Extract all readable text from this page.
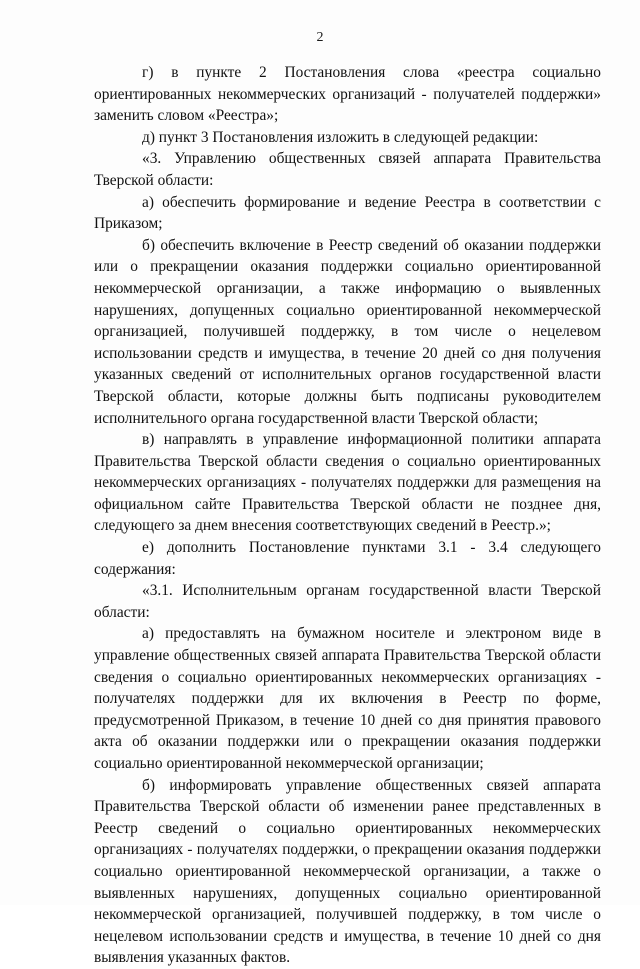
2

г) в пункте 2 Постановления слова «реестра социально ориентированных некоммерческих организаций - получателей поддержки» заменить словом «Реестра»;

д) пункт 3 Постановления изложить в следующей редакции:

«3. Управлению общественных связей аппарата Правительства Тверской области:

а) обеспечить формирование и ведение Реестра в соответствии с Приказом;

б) обеспечить включение в Реестр сведений об оказании поддержки или о прекращении оказания поддержки социально ориентированной некоммерческой организации, а также информацию о выявленных нарушениях, допущенных социально ориентированной некоммерческой организацией, получившей поддержку, в том числе о нецелевом использовании средств и имущества, в течение 20 дней со дня получения указанных сведений от исполнительных органов государственной власти Тверской области, которые должны быть подписаны руководителем исполнительного органа государственной власти Тверской области;

в) направлять в управление информационной политики аппарата Правительства Тверской области сведения о социально ориентированных некоммерческих организациях - получателях поддержки для размещения на официальном сайте Правительства Тверской области не позднее дня, следующего за днем внесения соответствующих сведений в Реестр.»;

е) дополнить Постановление пунктами 3.1 - 3.4 следующего содержания:

«3.1. Исполнительным органам государственной власти Тверской области:

а) предоставлять на бумажном носителе и электроном виде в управление общественных связей аппарата Правительства Тверской области сведения о социально ориентированных некоммерческих организациях - получателях поддержки для их включения в Реестр по форме, предусмотренной Приказом, в течение 10 дней со дня принятия правового акта об оказании поддержки или о прекращении оказания поддержки социально ориентированной некоммерческой организации;

б) информировать управление общественных связей аппарата Правительства Тверской области об изменении ранее представленных в Реестр сведений о социально ориентированных некоммерческих организациях - получателях поддержки, о прекращении оказания поддержки социально ориентированной некоммерческой организации, а также о выявленных нарушениях, допущенных социально ориентированной некоммерческой организацией, получившей поддержку, в том числе о нецелевом использовании средств и имущества, в течение 10 дней со дня выявления указанных фактов.
